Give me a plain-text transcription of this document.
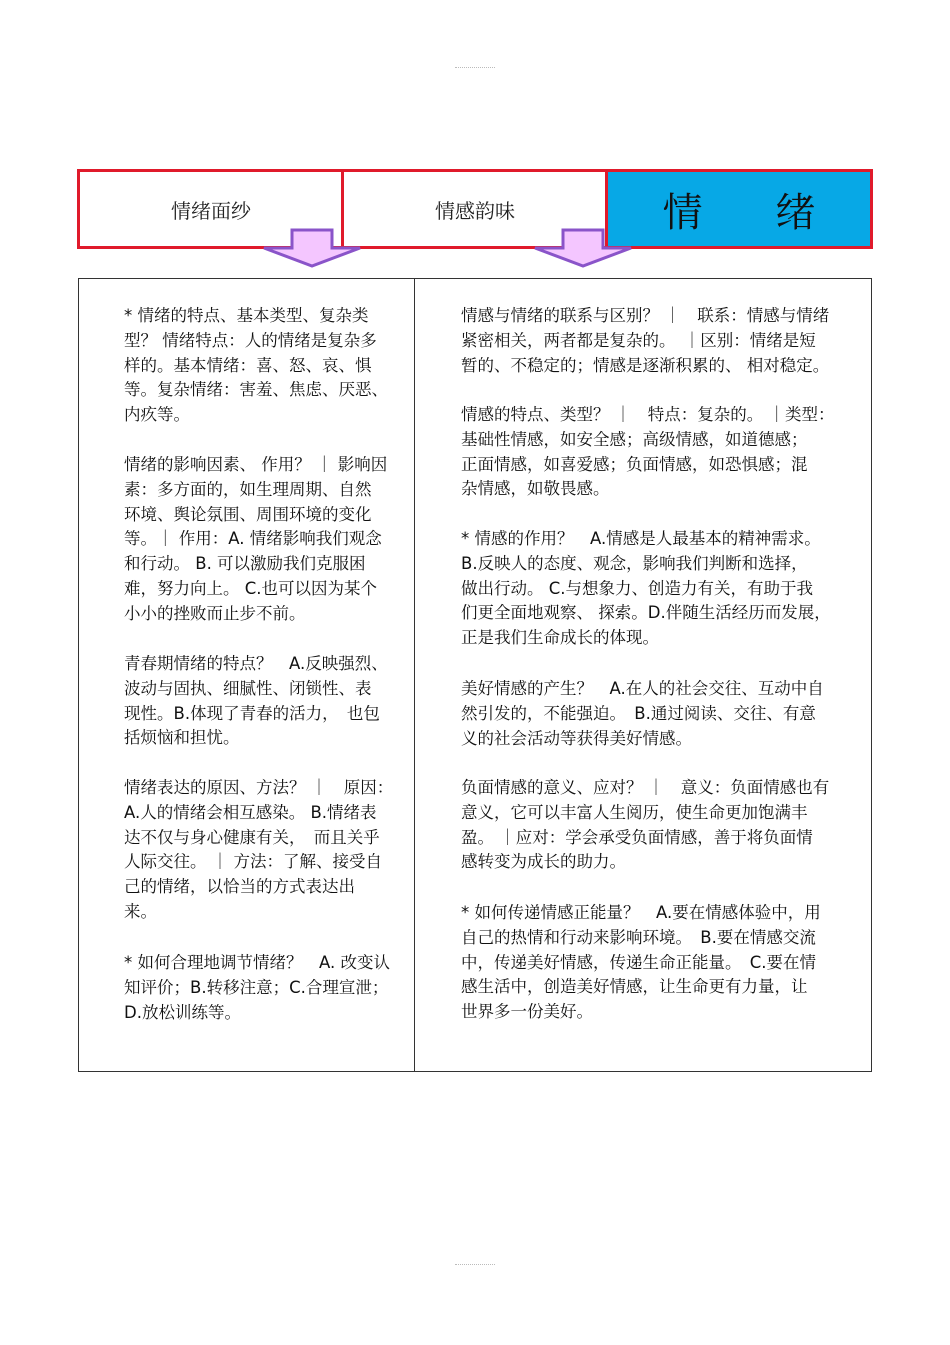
情绪面纱	情感韵味	情 绪

* 情绪的特点、基本类型、复杂类
型？ 情绪特点：人的情绪是复杂多
样的。基本情绪：喜、怒、哀、惧
等。复杂情绪：害羞、焦虑、厌恶、
内疚等。

情绪的影响因素、 作用？ ｜ 影响因
素：多方面的，如生理周期、自然
环境、舆论氛围、周围环境的变化
等。｜ 作用：A. 情绪影响我们观念
和行动。 B. 可以激励我们克服困
难，努力向上。 C.也可以因为某个
小小的挫败而止步不前。

青春期情绪的特点？　A.反映强烈、
波动与固执、细腻性、闭锁性、表
现性。B.体现了青春的活力，　也包
括烦恼和担忧。

情绪表达的原因、方法？ ｜　原因：
A.人的情绪会相互感染。 B.情绪表
达不仅与身心健康有关，　而且关乎
人际交往。 ｜ 方法：了解、接受自
己的情绪，以恰当的方式表达出
来。

* 如何合理地调节情绪？　A. 改变认
知评价；B.转移注意；C.合理宣泄；
D.放松训练等。

情感与情绪的联系与区别？ ｜　联系：情感与情绪
紧密相关，两者都是复杂的。　｜区别：情绪是短
暂的、不稳定的；情感是逐渐积累的、 相对稳定。

情感的特点、类型？ ｜　特点：复杂的。 ｜类型：
基础性情感，如安全感；高级情感，如道德感；
正面情感，如喜爱感；负面情感，如恐惧感；混
杂情感，如敬畏感。

* 情感的作用？　A.情感是人最基本的精神需求。
B.反映人的态度、观念，影响我们判断和选择，
做出行动。 C.与想象力、创造力有关，有助于我
们更全面地观察、 探索。D.伴随生活经历而发展，
正是我们生命成长的体现。

美好情感的产生？　A.在人的社会交往、互动中自
然引发的，不能强迫。　B.通过阅读、交往、有意
义的社会活动等获得美好情感。

负面情感的意义、应对？ ｜　意义：负面情感也有
意义，它可以丰富人生阅历，使生命更加饱满丰
盈。 ｜应对：学会承受负面情感，善于将负面情
感转变为成长的助力。

* 如何传递情感正能量？　A.要在情感体验中，用
自己的热情和行动来影响环境。　B.要在情感交流
中，传递美好情感，传递生命正能量。　C.要在情
感生活中，创造美好情感，让生命更有力量，让
世界多一份美好。
